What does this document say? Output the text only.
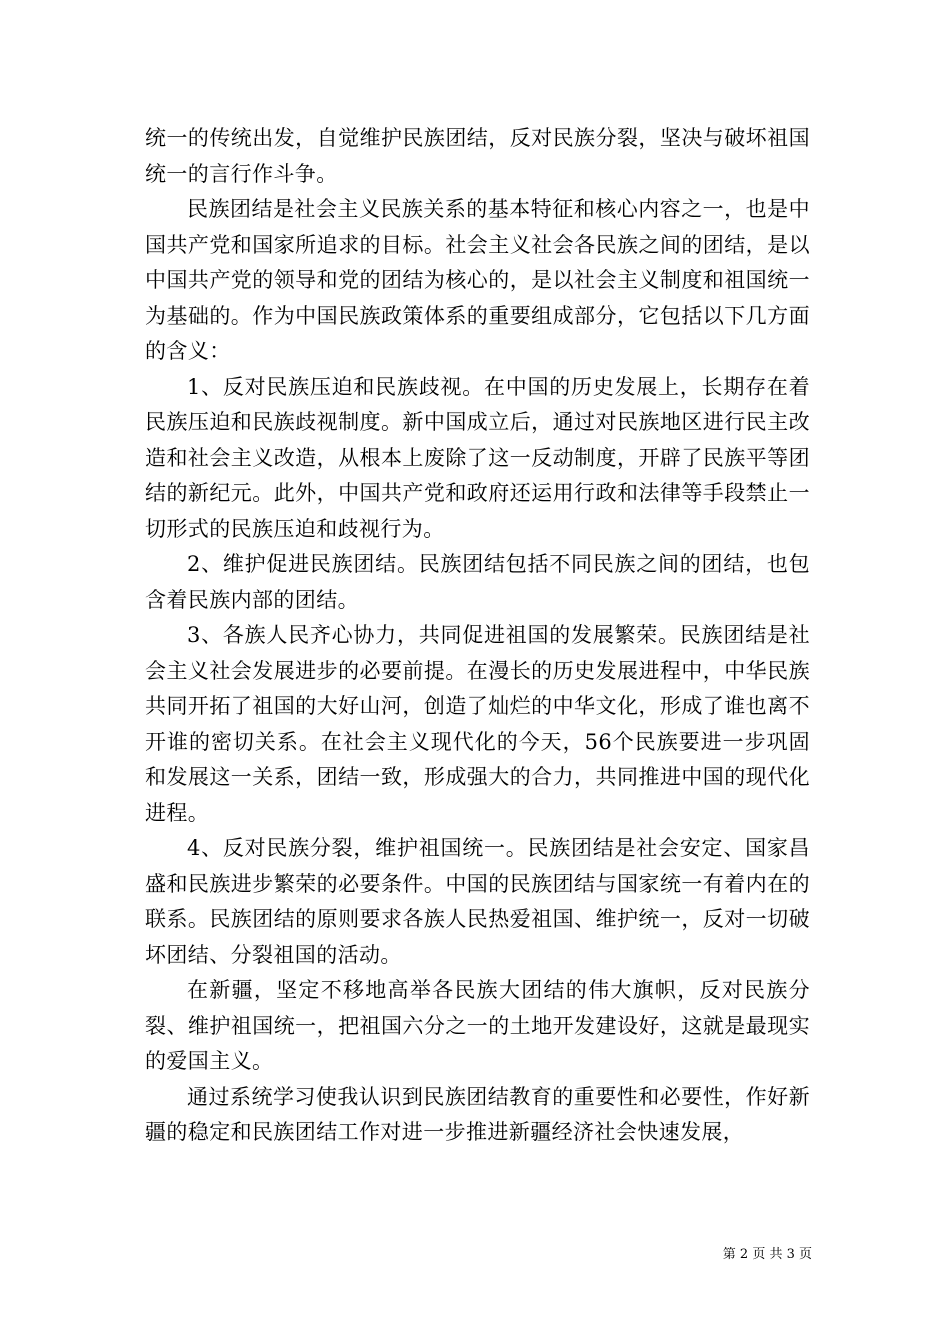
统一的传统出发，自觉维护民族团结，反对民族分裂，坚决与破坏祖国统一的言行作斗争。

民族团结是社会主义民族关系的基本特征和核心内容之一，也是中国共产党和国家所追求的目标。社会主义社会各民族之间的团结，是以中国共产党的领导和党的团结为核心的，是以社会主义制度和祖国统一为基础的。作为中国民族政策体系的重要组成部分，它包括以下几方面的含义：

1、反对民族压迫和民族歧视。在中国的历史发展上，长期存在着民族压迫和民族歧视制度。新中国成立后，通过对民族地区进行民主改造和社会主义改造，从根本上废除了这一反动制度，开辟了民族平等团结的新纪元。此外，中国共产党和政府还运用行政和法律等手段禁止一切形式的民族压迫和歧视行为。

2、维护促进民族团结。民族团结包括不同民族之间的团结，也包含着民族内部的团结。

3、各族人民齐心协力，共同促进祖国的发展繁荣。民族团结是社会主义社会发展进步的必要前提。在漫长的历史发展进程中，中华民族共同开拓了祖国的大好山河，创造了灿烂的中华文化，形成了谁也离不开谁的密切关系。在社会主义现代化的今天，56个民族要进一步巩固和发展这一关系，团结一致，形成强大的合力，共同推进中国的现代化进程。

4、反对民族分裂，维护祖国统一。民族团结是社会安定、国家昌盛和民族进步繁荣的必要条件。中国的民族团结与国家统一有着内在的联系。民族团结的原则要求各族人民热爱祖国、维护统一，反对一切破坏团结、分裂祖国的活动。

在新疆，坚定不移地高举各民族大团结的伟大旗帜，反对民族分裂、维护祖国统一，把祖国六分之一的土地开发建设好，这就是最现实的爱国主义。

通过系统学习使我认识到民族团结教育的重要性和必要性，作好新疆的稳定和民族团结工作对进一步推进新疆经济社会快速发展，

第 2 页 共 3 页
